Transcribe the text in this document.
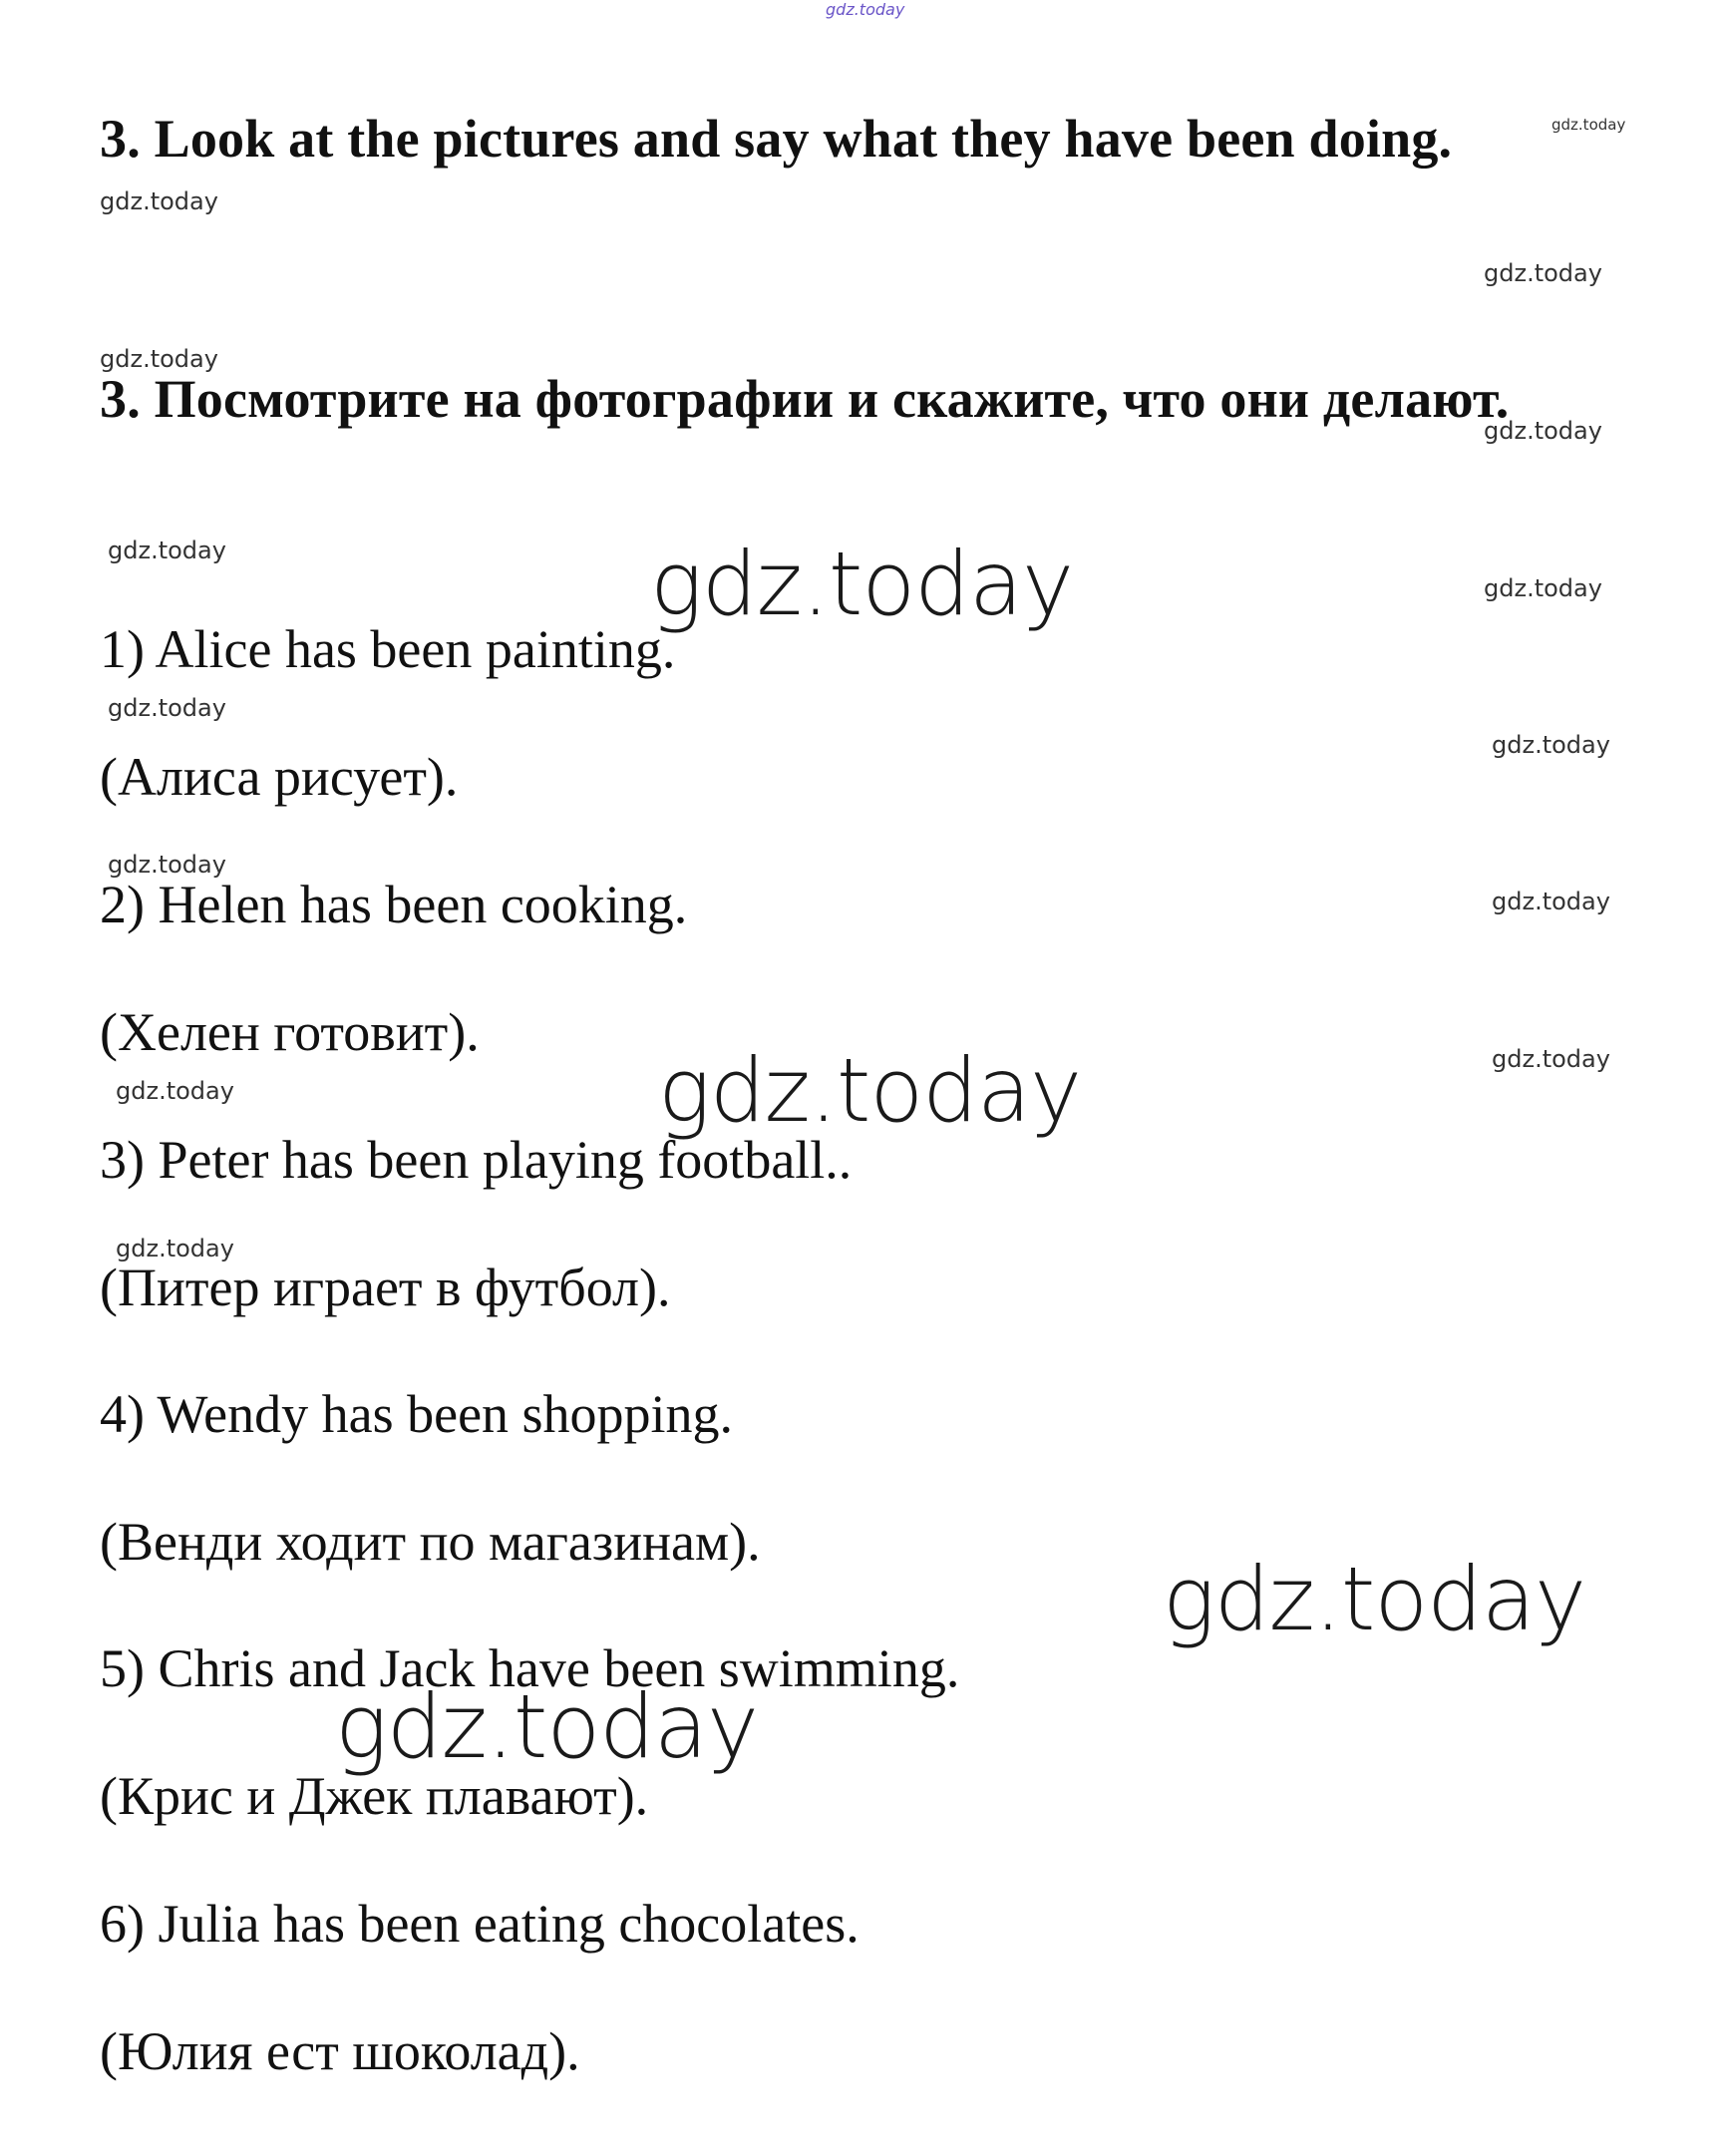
gdz.today
gdz.today
gdz.today
gdz.today
gdz.today
gdz.today
gdz.today	gdz.today	gdz.today
gdz.today
gdz.today
gdz.today
gdz.today
gdz.today
gdz.today	gdz.today
gdz.today
gdz.today
gdz.today
3. Look at the pictures and say what they have been doing.
3. Посмотрите на фотографии и скажите, что они делают.
1) Alice has been painting.
(Алиса рисует).
2) Helen has been cooking.
(Хелен готовит).
3) Peter has been playing football..
(Питер играет в футбол).
4) Wendy has been shopping.
(Венди ходит по магазинам).
5) Chris and Jack have been swimming.
(Крис и Джек плавают).
6) Julia has been eating chocolates.
(Юлия ест шоколад).
